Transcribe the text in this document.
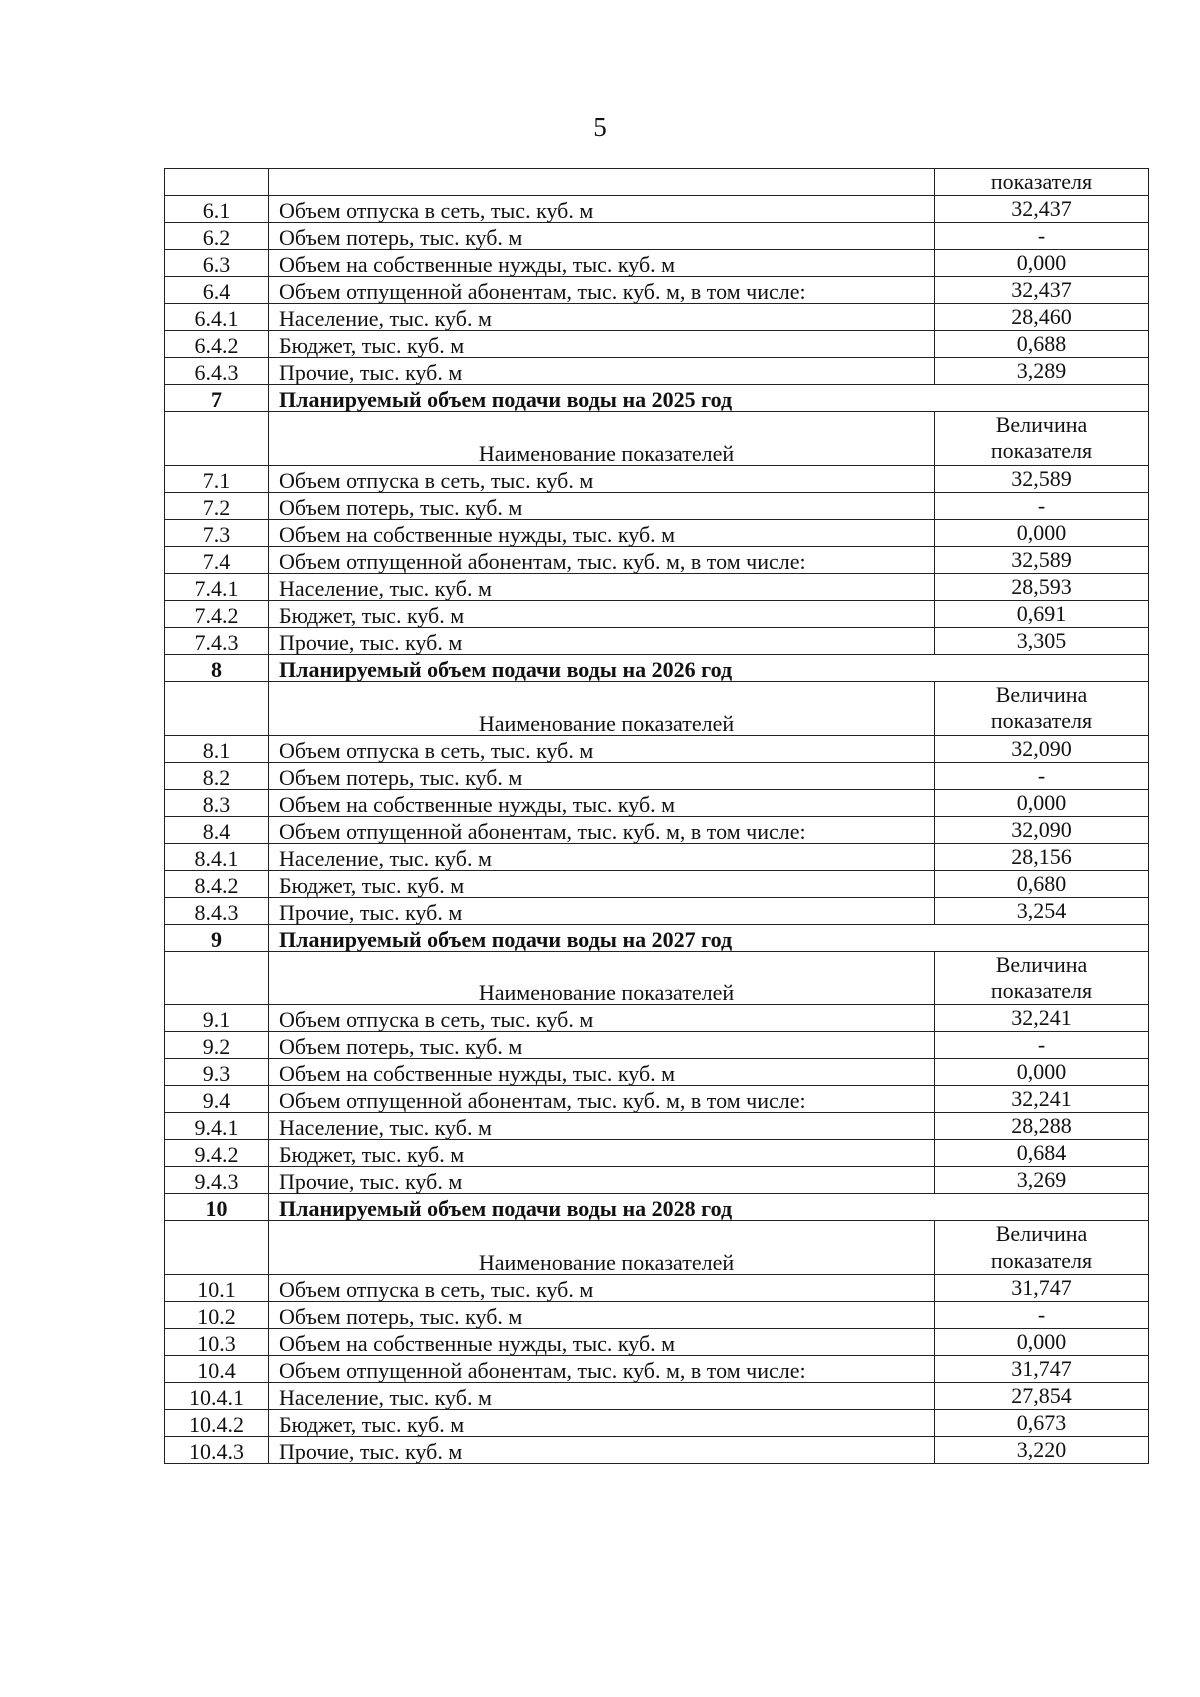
5
		показателя
6.1	Объем отпуска в сеть, тыс. куб. м	32,437
6.2	Объем потерь, тыс. куб. м	-
6.3	Объем на собственные нужды, тыс. куб. м	0,000
6.4	Объем отпущенной абонентам, тыс. куб. м, в том числе:	32,437
6.4.1	Население, тыс. куб. м	28,460
6.4.2	Бюджет, тыс. куб. м	0,688
6.4.3	Прочие, тыс. куб. м	3,289
7	Планируемый объем подачи воды на 2025 год	
	Наименование показателей	Величина
показателя

7.1	Объем отпуска в сеть, тыс. куб. м	32,589
7.2	Объем потерь, тыс. куб. м	-
7.3	Объем на собственные нужды, тыс. куб. м	0,000
7.4	Объем отпущенной абонентам, тыс. куб. м, в том числе:	32,589
7.4.1	Население, тыс. куб. м	28,593
7.4.2	Бюджет, тыс. куб. м	0,691
7.4.3	Прочие, тыс. куб. м	3,305
8	Планируемый объем подачи воды на 2026 год	
	Наименование показателей	Величина
показателя

8.1	Объем отпуска в сеть, тыс. куб. м	32,090
8.2	Объем потерь, тыс. куб. м	-
8.3	Объем на собственные нужды, тыс. куб. м	0,000
8.4	Объем отпущенной абонентам, тыс. куб. м, в том числе:	32,090
8.4.1	Население, тыс. куб. м	28,156
8.4.2	Бюджет, тыс. куб. м	0,680
8.4.3	Прочие, тыс. куб. м	3,254
9	Планируемый объем подачи воды на 2027 год	
	Наименование показателей	Величина
показателя

9.1	Объем отпуска в сеть, тыс. куб. м	32,241
9.2	Объем потерь, тыс. куб. м	-
9.3	Объем на собственные нужды, тыс. куб. м	0,000
9.4	Объем отпущенной абонентам, тыс. куб. м, в том числе:	32,241
9.4.1	Население, тыс. куб. м	28,288
9.4.2	Бюджет, тыс. куб. м	0,684
9.4.3	Прочие, тыс. куб. м	3,269
10	Планируемый объем подачи воды на 2028 год	
	Наименование показателей	Величина
показателя

10.1	Объем отпуска в сеть, тыс. куб. м	31,747
10.2	Объем потерь, тыс. куб. м	-
10.3	Объем на собственные нужды, тыс. куб. м	0,000
10.4	Объем отпущенной абонентам, тыс. куб. м, в том числе:	31,747
10.4.1	Население, тыс. куб. м	27,854
10.4.2	Бюджет, тыс. куб. м	0,673
10.4.3	Прочие, тыс. куб. м	3,220
